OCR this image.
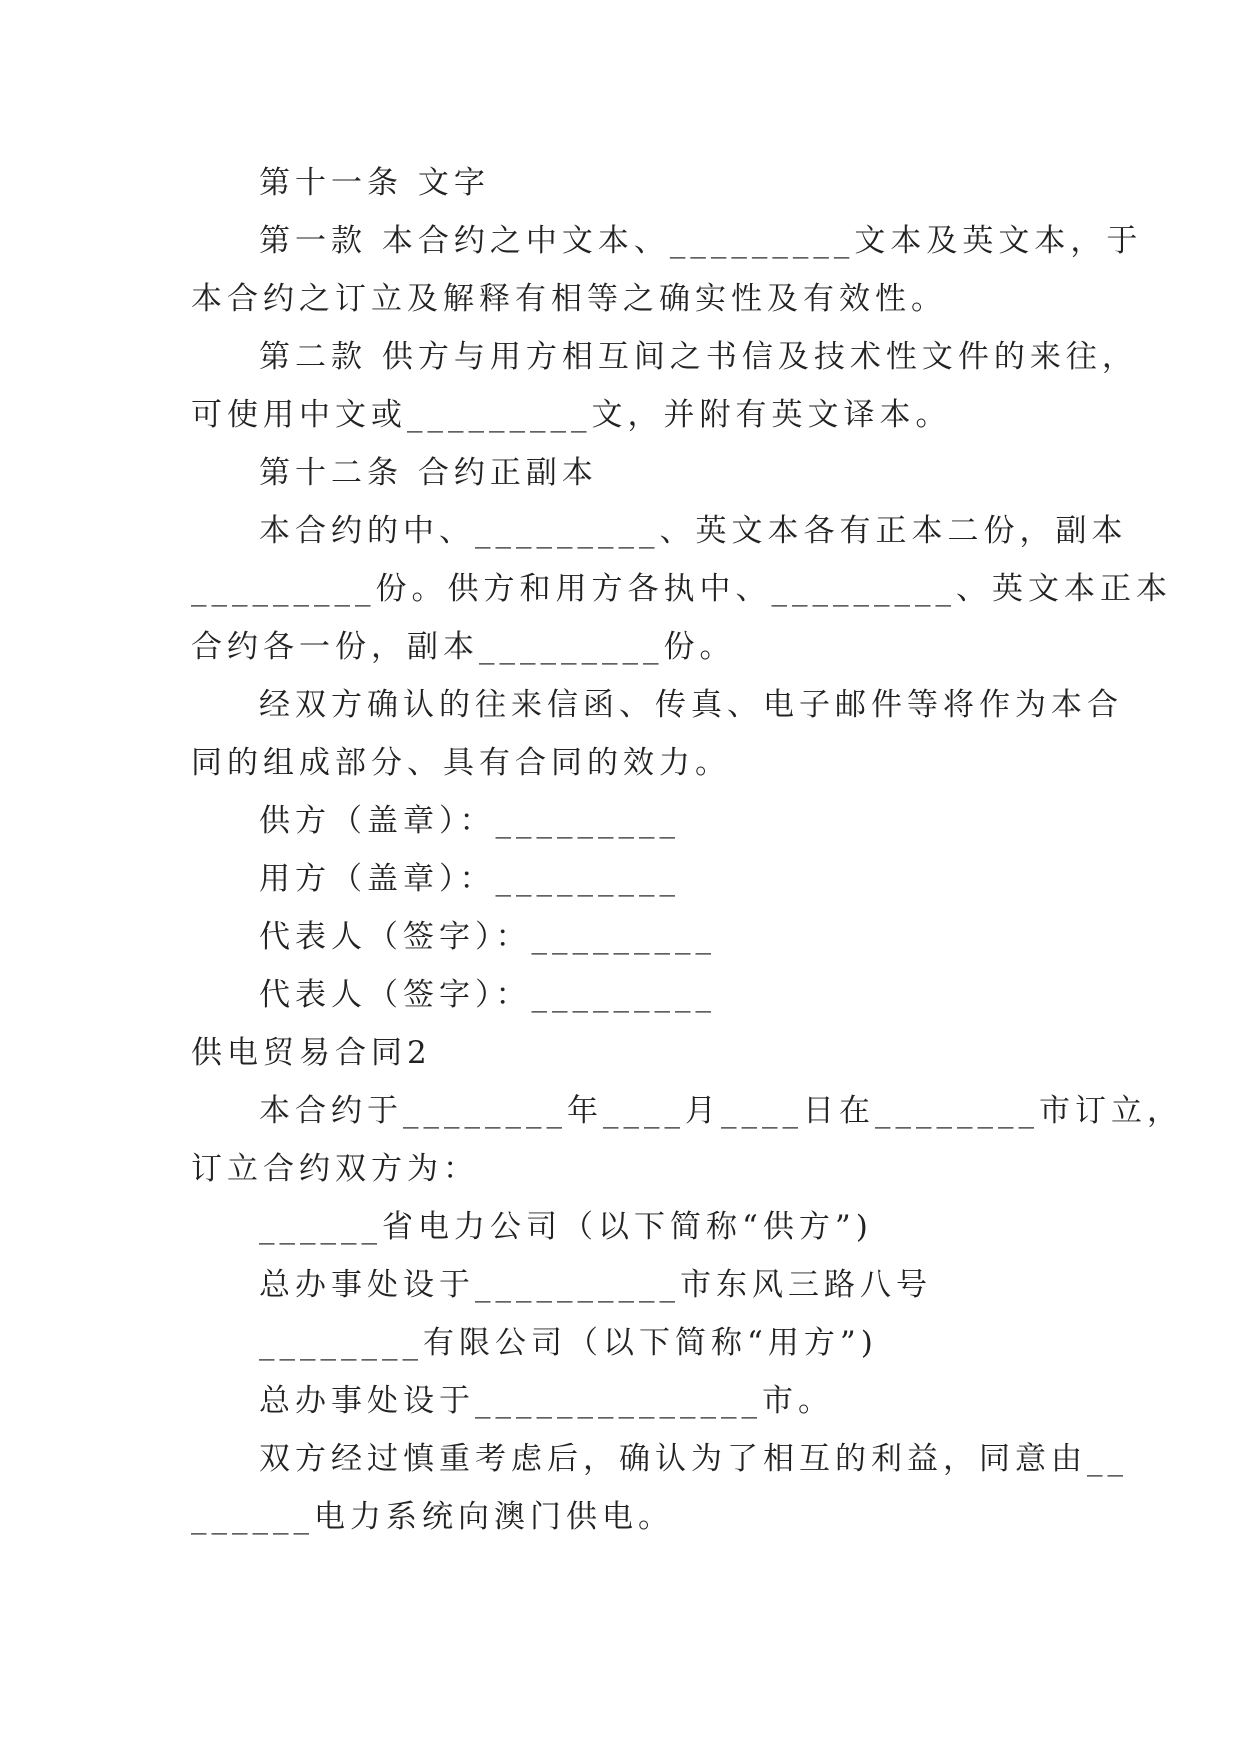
第十一条 文字
第一款 本合约之中文本、_________文本及英文本，于
本合约之订立及解释有相等之确实性及有效性。
第二款 供方与用方相互间之书信及技术性文件的来往，
可使用中文或_________文，并附有英文译本。
第十二条 合约正副本
本合约的中、_________、英文本各有正本二份，副本
_________份。供方和用方各执中、_________、英文本正本
合约各一份，副本_________份。
经双方确认的往来信函、传真、电子邮件等将作为本合
同的组成部分、具有合同的效力。
供方（盖章）：_________
用方（盖章）：_________
代表人（签字）：_________
代表人（签字）：_________
供电贸易合同2
本合约于________年____月____日在________市订立，
订立合约双方为：
______省电力公司（以下简称“供方”)
总办事处设于__________市东风三路八号
________有限公司（以下简称“用方”)
总办事处设于______________市。
双方经过慎重考虑后，确认为了相互的利益，同意由__
______电力系统向澳门供电。
